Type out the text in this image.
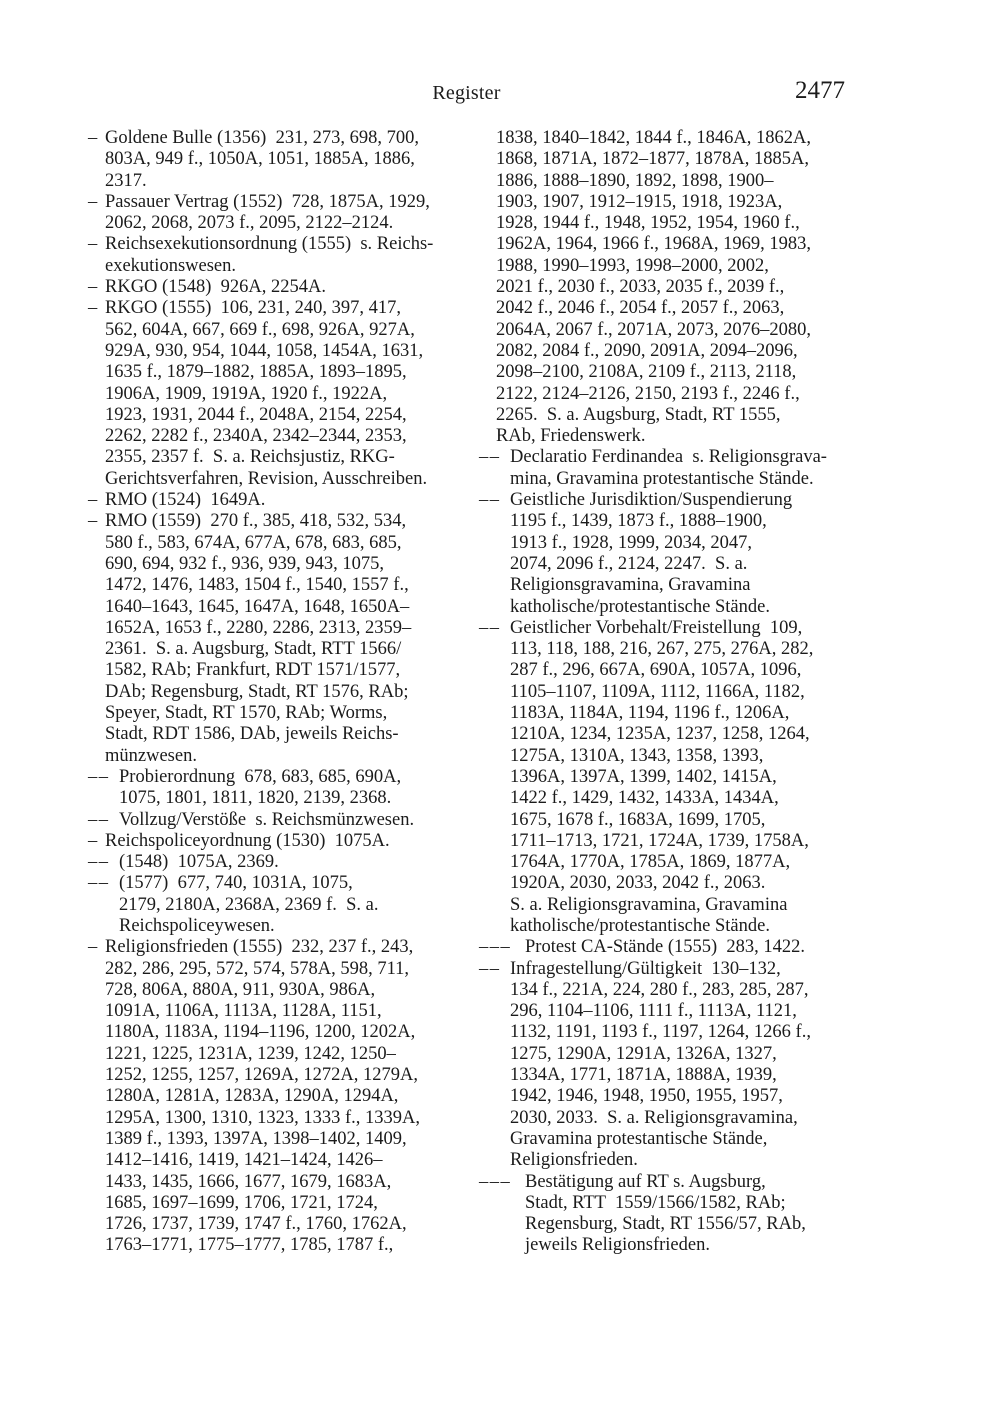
Register	2477
– Goldene Bulle (1356)  231, 273, 698, 700,
803A, 949 f., 1050A, 1051, 1885A, 1886,
2317.
– Passauer Vertrag (1552)  728, 1875A, 1929,
2062, 2068, 2073 f., 2095, 2122–2124.
– Reichsexekutionsordnung (1555)  s. Reichs-
exekutionswesen.
– RKGO (1548)  926A, 2254A.
– RKGO (1555)  106, 231, 240, 397, 417,
562, 604A, 667, 669 f., 698, 926A, 927A,
929A, 930, 954, 1044, 1058, 1454A, 1631,
1635 f., 1879–1882, 1885A, 1893–1895,
1906A, 1909, 1919A, 1920 f., 1922A,
1923, 1931, 2044 f., 2048A, 2154, 2254,
2262, 2282 f., 2340A, 2342–2344, 2353,
2355, 2357 f.  S. a. Reichsjustiz, RKG-
Gerichtsverfahren, Revision, Ausschreiben.
– RMO (1524)  1649A.
– RMO (1559)  270 f., 385, 418, 532, 534,
580 f., 583, 674A, 677A, 678, 683, 685,
690, 694, 932 f., 936, 939, 943, 1075,
1472, 1476, 1483, 1504 f., 1540, 1557 f.,
1640–1643, 1645, 1647A, 1648, 1650A–
1652A, 1653 f., 2280, 2286, 2313, 2359–
2361.  S. a. Augsburg, Stadt, RTT 1566/
1582, RAb; Frankfurt, RDT 1571/1577,
DAb; Regensburg, Stadt, RT 1576, RAb;
Speyer, Stadt, RT 1570, RAb; Worms,
Stadt, RDT 1586, DAb, jeweils Reichs-
münzwesen.
–– Probierordnung  678, 683, 685, 690A,
1075, 1801, 1811, 1820, 2139, 2368.
–– Vollzug/Verstöße  s. Reichsmünzwesen.
– Reichspoliceyordnung (1530)  1075A.
–– (1548)  1075A, 2369.
–– (1577)  677, 740, 1031A, 1075,
2179, 2180A, 2368A, 2369 f.  S. a.
Reichspoliceywesen.
– Religionsfrieden (1555)  232, 237 f., 243,
282, 286, 295, 572, 574, 578A, 598, 711,
728, 806A, 880A, 911, 930A, 986A,
1091A, 1106A, 1113A, 1128A, 1151,
1180A, 1183A, 1194–1196, 1200, 1202A,
1221, 1225, 1231A, 1239, 1242, 1250–
1252, 1255, 1257, 1269A, 1272A, 1279A,
1280A, 1281A, 1283A, 1290A, 1294A,
1295A, 1300, 1310, 1323, 1333 f., 1339A,
1389 f., 1393, 1397A, 1398–1402, 1409,
1412–1416, 1419, 1421–1424, 1426–
1433, 1435, 1666, 1677, 1679, 1683A,
1685, 1697–1699, 1706, 1721, 1724,
1726, 1737, 1739, 1747 f., 1760, 1762A,
1763–1771, 1775–1777, 1785, 1787 f.,
1838, 1840–1842, 1844 f., 1846A, 1862A,
1868, 1871A, 1872–1877, 1878A, 1885A,
1886, 1888–1890, 1892, 1898, 1900–
1903, 1907, 1912–1915, 1918, 1923A,
1928, 1944 f., 1948, 1952, 1954, 1960 f.,
1962A, 1964, 1966 f., 1968A, 1969, 1983,
1988, 1990–1993, 1998–2000, 2002,
2021 f., 2030 f., 2033, 2035 f., 2039 f.,
2042 f., 2046 f., 2054 f., 2057 f., 2063,
2064A, 2067 f., 2071A, 2073, 2076–2080,
2082, 2084 f., 2090, 2091A, 2094–2096,
2098–2100, 2108A, 2109 f., 2113, 2118,
2122, 2124–2126, 2150, 2193 f., 2246 f.,
2265.  S. a. Augsburg, Stadt, RT 1555,
RAb, Friedenswerk.
–– Declaratio Ferdinandea  s. Religionsgrava-
mina, Gravamina protestantische Stände.
–– Geistliche Jurisdiktion/Suspendierung
1195 f., 1439, 1873 f., 1888–1900,
1913 f., 1928, 1999, 2034, 2047,
2074, 2096 f., 2124, 2247.  S. a.
Religionsgravamina, Gravamina
katholische/protestantische Stände.
–– Geistlicher Vorbehalt/Freistellung  109,
113, 118, 188, 216, 267, 275, 276A, 282,
287 f., 296, 667A, 690A, 1057A, 1096,
1105–1107, 1109A, 1112, 1166A, 1182,
1183A, 1184A, 1194, 1196 f., 1206A,
1210A, 1234, 1235A, 1237, 1258, 1264,
1275A, 1310A, 1343, 1358, 1393,
1396A, 1397A, 1399, 1402, 1415A,
1422 f., 1429, 1432, 1433A, 1434A,
1675, 1678 f., 1683A, 1699, 1705,
1711–1713, 1721, 1724A, 1739, 1758A,
1764A, 1770A, 1785A, 1869, 1877A,
1920A, 2030, 2033, 2042 f., 2063.
S. a. Religionsgravamina, Gravamina
katholische/protestantische Stände.
––– Protest CA-Stände (1555)  283, 1422.
–– Infragestellung/Gültigkeit  130–132,
134 f., 221A, 224, 280 f., 283, 285, 287,
296, 1104–1106, 1111 f., 1113A, 1121,
1132, 1191, 1193 f., 1197, 1264, 1266 f.,
1275, 1290A, 1291A, 1326A, 1327,
1334A, 1771, 1871A, 1888A, 1939,
1942, 1946, 1948, 1950, 1955, 1957,
2030, 2033.  S. a. Religionsgravamina,
Gravamina protestantische Stände,
Religionsfrieden.
––– Bestätigung auf RT s. Augsburg,
Stadt, RTT  1559/1566/1582, RAb;
Regensburg, Stadt, RT 1556/57, RAb,
jeweils Religionsfrieden.
